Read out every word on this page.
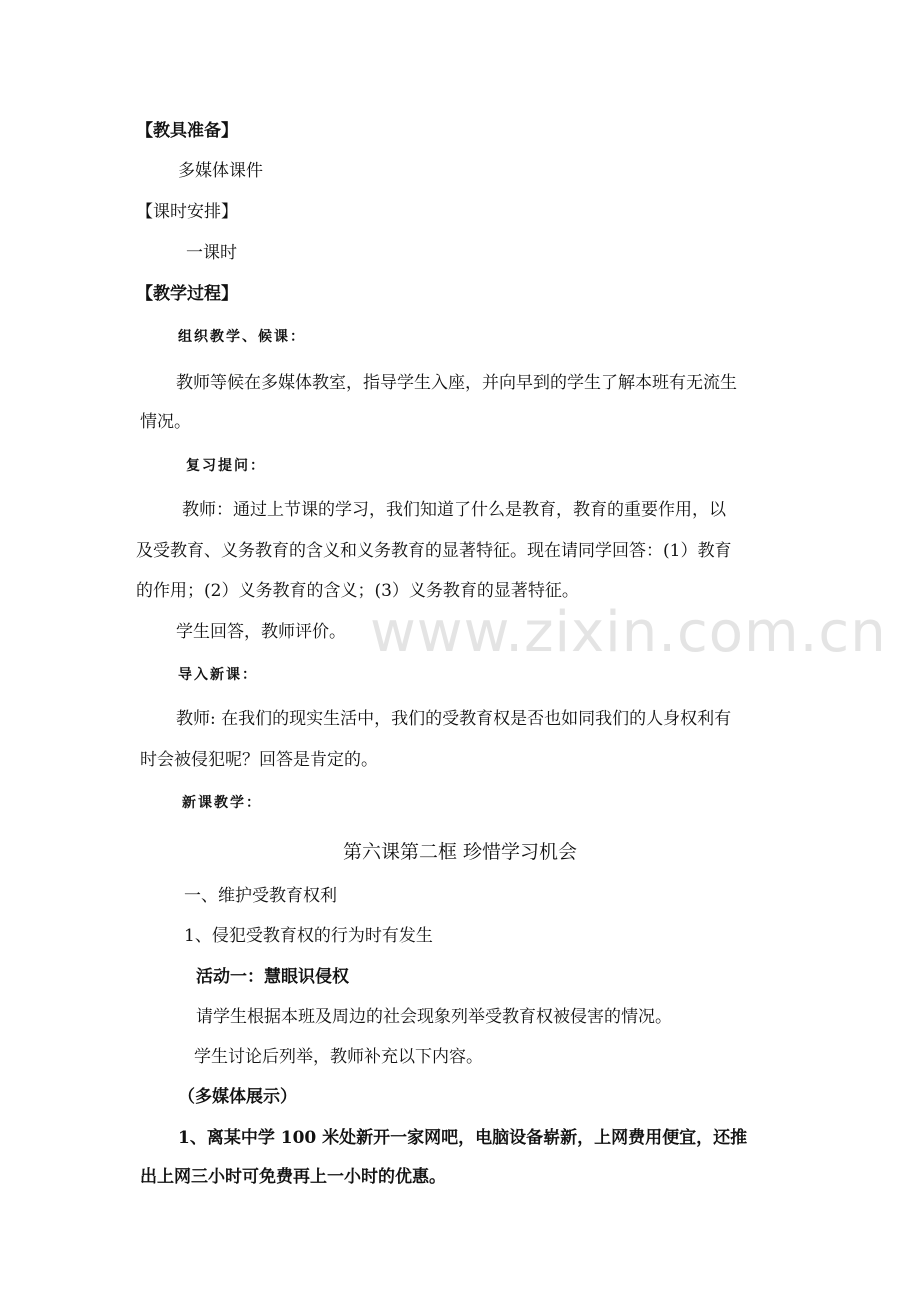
www.zixin.com.cn
【教具准备】
多媒体课件
【课时安排】
一课时
【教学过程】
组织教学、候课：
教师等候在多媒体教室，指导学生入座，并向早到的学生了解本班有无流生
情况。
复习提问：
教师：通过上节课的学习，我们知道了什么是教育，教育的重要作用，以
及受教育、义务教育的含义和义务教育的显著特征。现在请同学回答：(1）教育
的作用；(2）义务教育的含义；(3）义务教育的显著特征。
学生回答，教师评价。
导入新课：
教师: 在我们的现实生活中，我们的受教育权是否也如同我们的人身权利有
时会被侵犯呢？回答是肯定的。
新课教学：
第六课第二框 珍惜学习机会
一、维护受教育权利
1、侵犯受教育权的行为时有发生
活动一：慧眼识侵权
请学生根据本班及周边的社会现象列举受教育权被侵害的情况。
学生讨论后列举，教师补充以下内容。
（多媒体展示）
1、离某中学 100 米处新开一家网吧，电脑设备崭新，上网费用便宜，还推
出上网三小时可免费再上一小时的优惠。
